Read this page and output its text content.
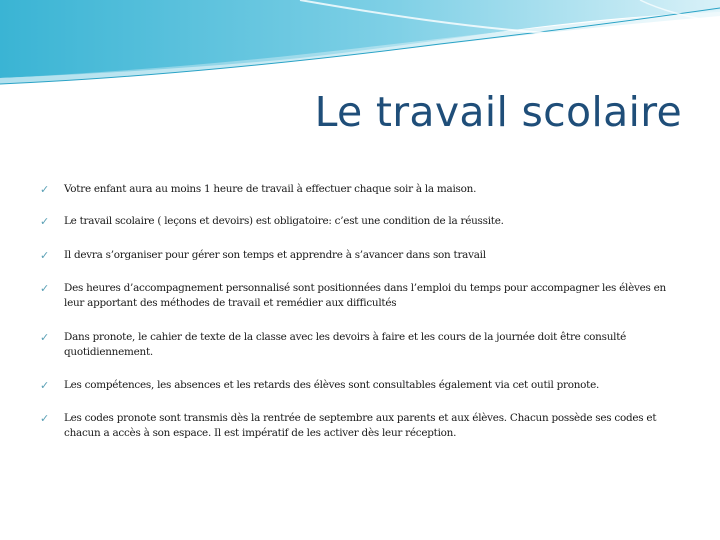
Le travail scolaire
✓ Votre enfant aura au moins 1 heure de travail à effectuer chaque soir à la maison.
✓ Le travail scolaire ( leçons et devoirs) est obligatoire: c’est une condition de la réussite.
✓ Il devra s’organiser pour gérer son temps et apprendre à s’avancer dans son travail
✓ Des heures d’accompagnement personnalisé sont positionnées dans l’emploi du temps pour accompagner les élèves en leur apportant des méthodes de travail et remédier aux difficultés
✓ Dans pronote, le cahier de texte de la classe avec les devoirs à faire et les cours de la journée doit être consulté quotidiennement.
✓ Les compétences, les absences et les retards des élèves sont consultables également via cet outil pronote.
✓ Les codes pronote sont transmis dès la rentrée de septembre aux parents et aux élèves. Chacun possède ses codes et chacun a accès à son espace. Il est impératif de les activer dès leur réception.
